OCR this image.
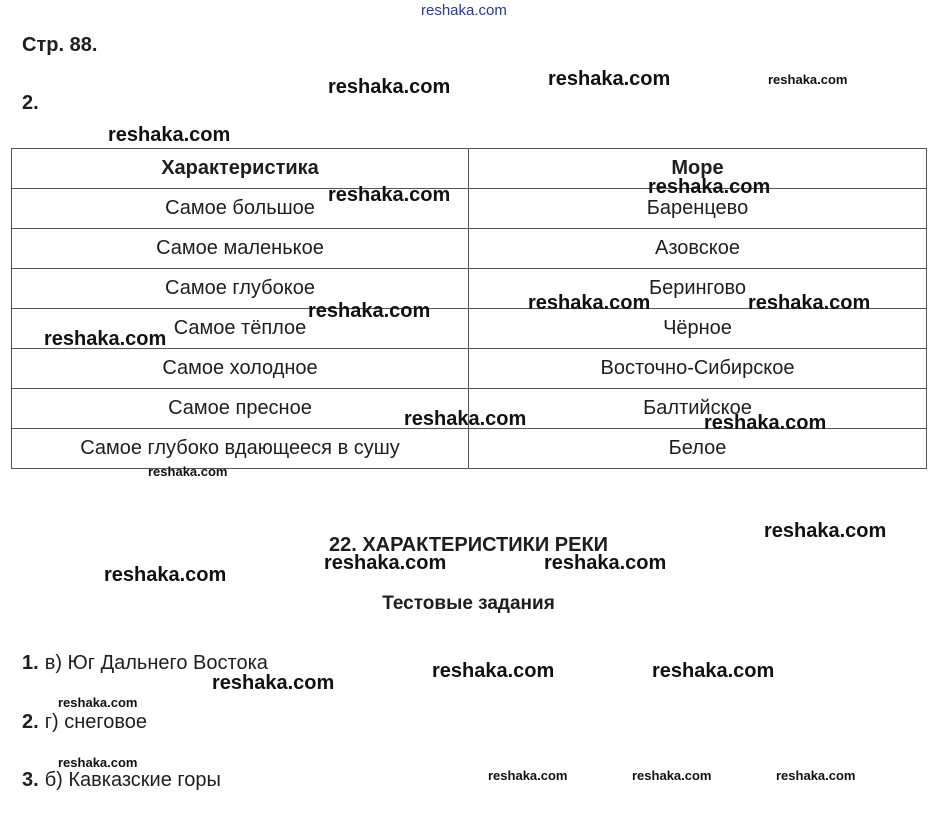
Стр. 88.
2.
Характеристика	Море
Самое большое	Баренцево
Самое маленькое	Азовское
Самое глубокое	Берингово
Самое тёплое	Чёрное
Самое холодное	Восточно-Сибирское
Самое пресное	Балтийское
Самое глубоко вдающееся в сушу	Белое
22. ХАРАКТЕРИСТИКИ РЕКИ
Тестовые задания
1. в) Юг Дальнего Востока
2. г) снеговое
3. б) Кавказские горы
reshaka.com
reshaka.com	reshaka.com	reshaka.com
reshaka.com
reshaka.com	reshaka.com
reshaka.com	reshaka.com	reshaka.com
reshaka.com
reshaka.com	reshaka.com
reshaka.com
reshaka.com
reshaka.com	reshaka.com
reshaka.com
reshaka.com	reshaka.com
reshaka.com
reshaka.com
reshaka.com
reshaka.com	reshaka.com	reshaka.com
